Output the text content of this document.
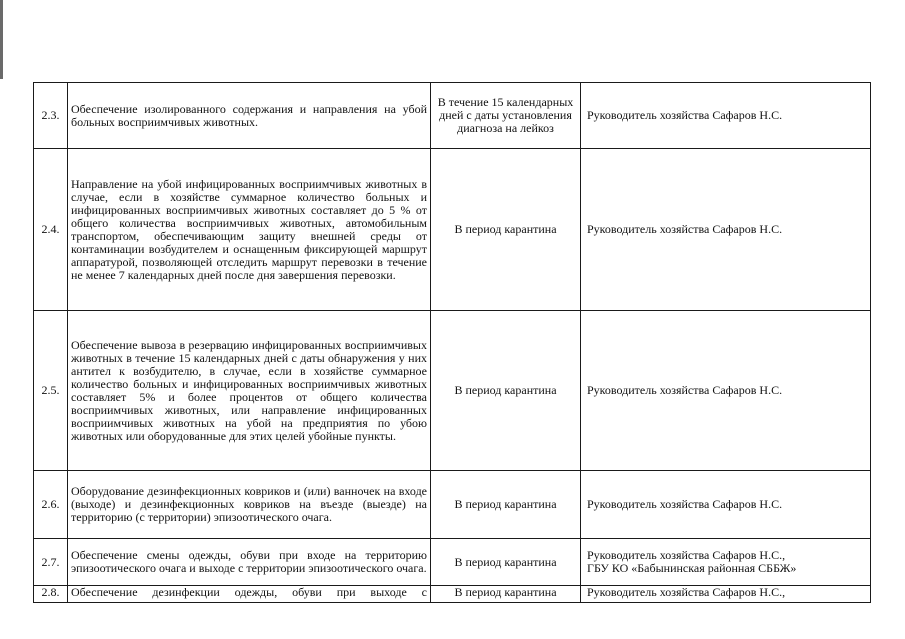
2.3.	Обеспечение изолированного содержания и направления на убой больных восприимчивых животных.	В течение 15 календарных дней с даты установления диагноза на лейкоз	Руководитель хозяйства Сафаров Н.С.

2.4.	Направление на убой инфицированных восприимчивых животных в случае, если в хозяйстве суммарное количество больных и инфицированных восприимчивых животных составляет до 5 % от общего количества восприимчивых животных, автомобильным транспортом, обеспечивающим защиту внешней среды от контаминации возбудителем и оснащенным фиксирующей маршрут аппаратурой, позволяющей отследить маршрут перевозки в течение не менее 7 календарных дней после дня завершения перевозки.	В период карантина	Руководитель хозяйства Сафаров Н.С.

2.5.	Обеспечение вывоза в резервацию инфицированных восприимчивых животных в течение 15 календарных дней с даты обнаружения у них антител к возбудителю, в случае, если в хозяйстве суммарное количество больных и инфицированных восприимчивых животных составляет 5% и более процентов от общего количества восприимчивых животных, или направление инфицированных восприимчивых животных на убой на предприятия по убою животных или оборудованные для этих целей убойные пункты.	В период карантина	Руководитель хозяйства Сафаров Н.С.

2.6.	Оборудование дезинфекционных ковриков и (или) ванночек на входе (выходе) и дезинфекционных ковриков на въезде (выезде) на территорию (с территории) эпизоотического очага.	В период карантина	Руководитель хозяйства Сафаров Н.С.

2.7.	Обеспечение смены одежды, обуви при входе на территорию эпизоотического очага и выходе с территории эпизоотического очага.	В период карантина	Руководитель хозяйства Сафаров Н.С.,
ГБУ КО «Бабынинская районная СББЖ»

2.8.	Обеспечение дезинфекции одежды, обуви при выходе с	В период карантина	Руководитель хозяйства Сафаров Н.С.,
